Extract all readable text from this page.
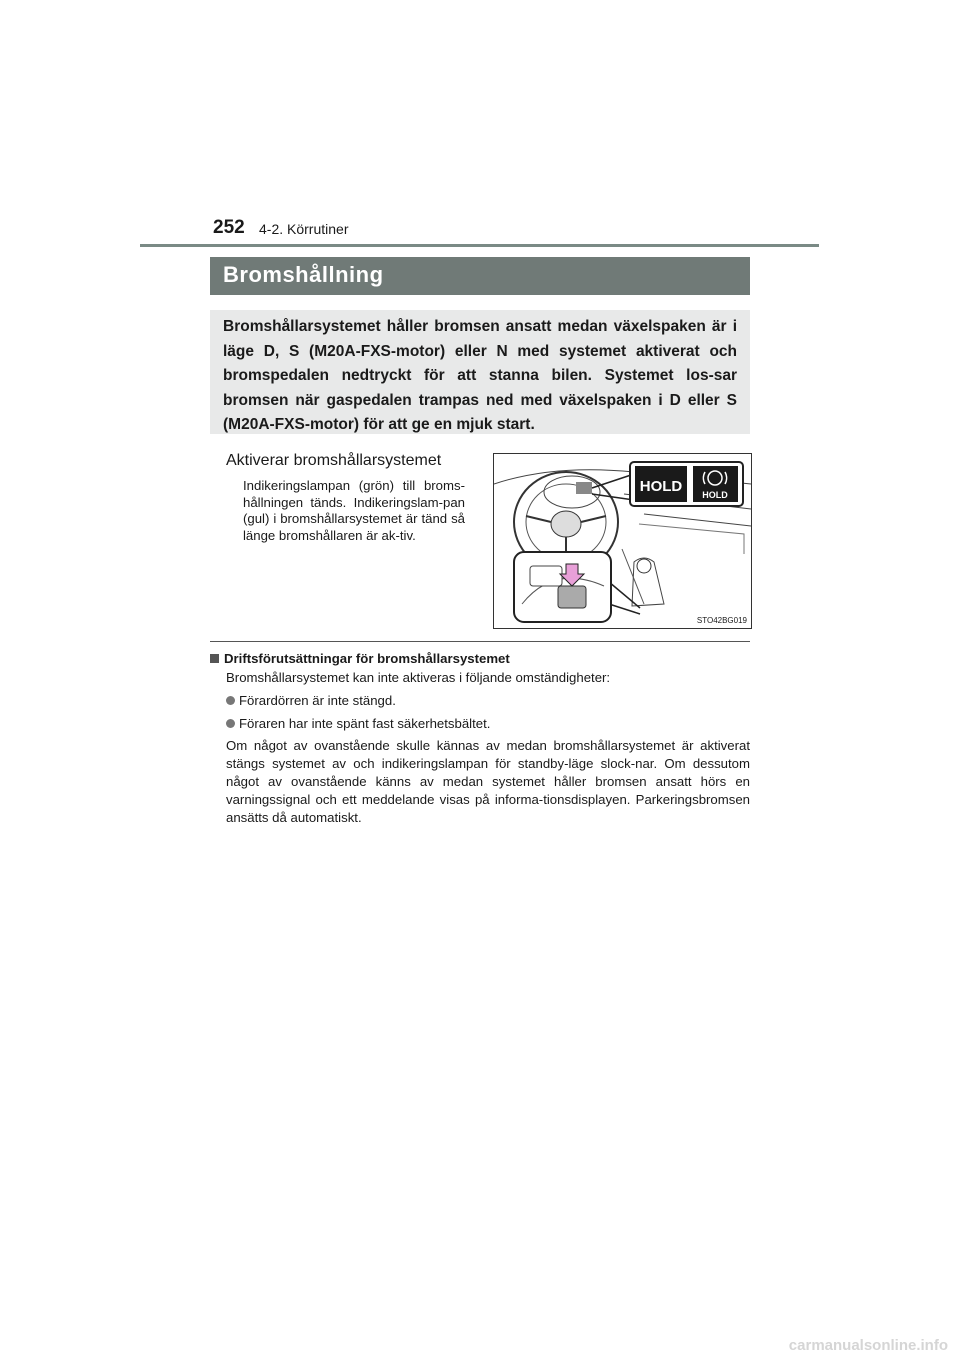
252 4-2. Körrutiner
Bromshållning
Bromshållarsystemet håller bromsen ansatt medan växelspaken är i läge D, S (M20A-FXS-motor) eller N med systemet aktiverat och bromspedalen nedtryckt för att stanna bilen. Systemet los-sar bromsen när gaspedalen trampas ned med växelspaken i D eller S (M20A-FXS-motor) för att ge en mjuk start.
Aktiverar bromshållarsystemet
Indikeringslampan (grön) till broms-hållningen tänds. Indikeringslam-pan (gul) i bromshållarsystemet är tänd så länge bromshållaren är ak-tiv.
HOLD HOLD
STO42BG019

Driftsförutsättningar för bromshållarsystemet

Bromshållarsystemet kan inte aktiveras i följande omständigheter:

Förardörren är inte stängd.

Föraren har inte spänt fast säkerhetsbältet.

Om något av ovanstående skulle kännas av medan bromshållarsystemet är aktiverat stängs systemet av och indikeringslampan för standby-läge slock-nar. Om dessutom något av ovanstående känns av medan systemet håller bromsen ansatt hörs en varningssignal och ett meddelande visas på informa-tionsdisplayen. Parkeringsbromsen ansätts då automatiskt.

carmanualsonline.info
